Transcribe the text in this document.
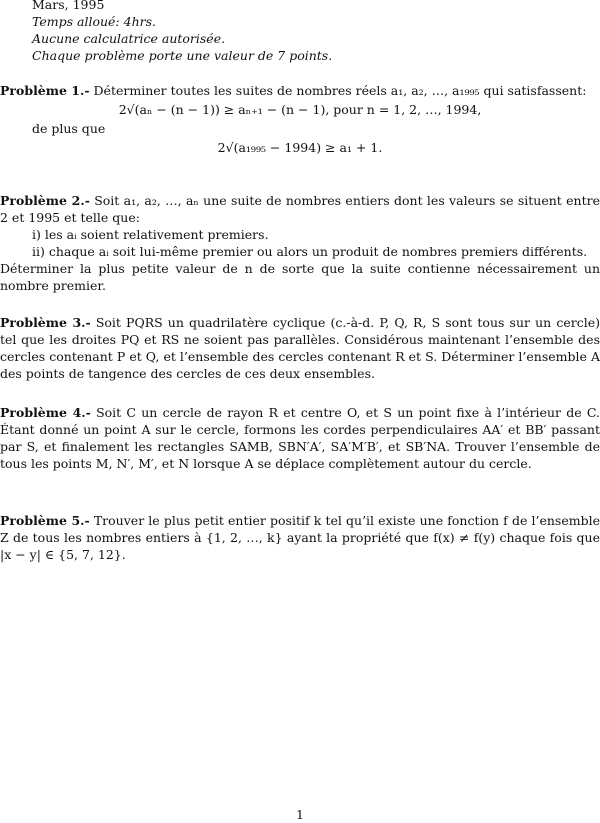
Mars, 1995
Temps alloué: 4hrs.
Aucune calculatrice autorisée.
Chaque problème porte une valeur de 7 points.

Problème 1.- Déterminer toutes les suites de nombres réels a₁, a₂, …, a₁₉₉₅ qui satisfassent:

2√(aₙ − (n − 1)) ≥ aₙ₊₁ − (n − 1), pour n = 1, 2, …, 1994,

de plus que

2√(a₁₉₉₅ − 1994) ≥ a₁ + 1.

Problème 2.- Soit a₁, a₂, …, aₙ une suite de nombres entiers dont les valeurs se situent entre 2 et 1995 et telle que:

i) les aᵢ soient relativement premiers.

ii) chaque aᵢ soit lui-même premier ou alors un produit de nombres premiers différents.

Déterminer la plus petite valeur de n de sorte que la suite contienne nécessairement un nombre premier.

Problème 3.- Soit PQRS un quadrilatère cyclique (c.-à-d. P, Q, R, S sont tous sur un cercle) tel que les droites PQ et RS ne soient pas parallèles. Considérous maintenant l’ensemble des cercles contenant P et Q, et l’ensemble des cercles contenant R et S. Déterminer l’ensemble A des points de tangence des cercles de ces deux ensembles.

Problème 4.- Soit C un cercle de rayon R et centre O, et S un point fixe à l’intérieur de C. Étant donné un point A sur le cercle, formons les cordes perpendiculaires AA′ et BB′ passant par S, et finalement les rectangles SAMB, SBN′A′, SA′M′B′, et SB′NA. Trouver l’ensemble de tous les points M, N′, M′, et N lorsque A se déplace complètement autour du cercle.

Problème 5.- Trouver le plus petit entier positif k tel qu’il existe une fonction f de l’ensemble Z de tous les nombres entiers à {1, 2, …, k} ayant la propriété que f(x) ≠ f(y) chaque fois que |x − y| ∈ {5, 7, 12}.

1
